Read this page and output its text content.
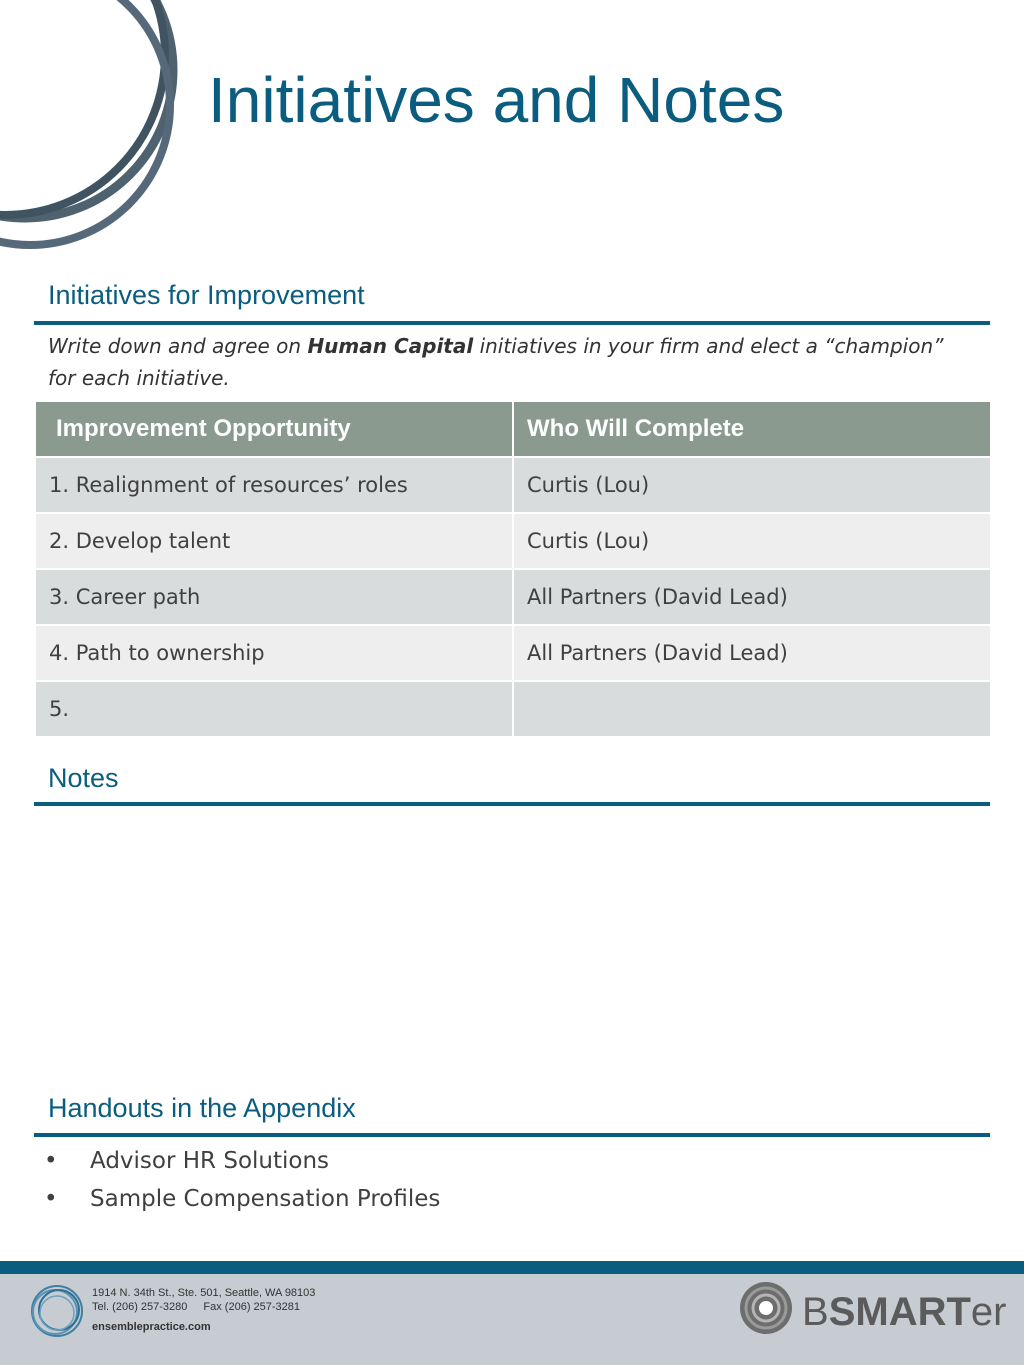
Initiatives and Notes
Initiatives for Improvement
Write down and agree on Human Capital initiatives in your firm and elect a “champion” for each initiative.
Improvement Opportunity	Who Will Complete
1. Realignment of resources’ roles	Curtis (Lou)
2. Develop talent	Curtis (Lou)
3. Career path	All Partners (David Lead)
4. Path to ownership	All Partners (David Lead)
5.	
Notes
Handouts in the Appendix
• Advisor HR Solutions
• Sample Compensation Profiles
1914 N. 34th St., Ste. 501, Seattle, WA 98103
Tel. (206) 257-3280 Fax (206) 257-3281
ensemblepractice.com	BSMARTer
